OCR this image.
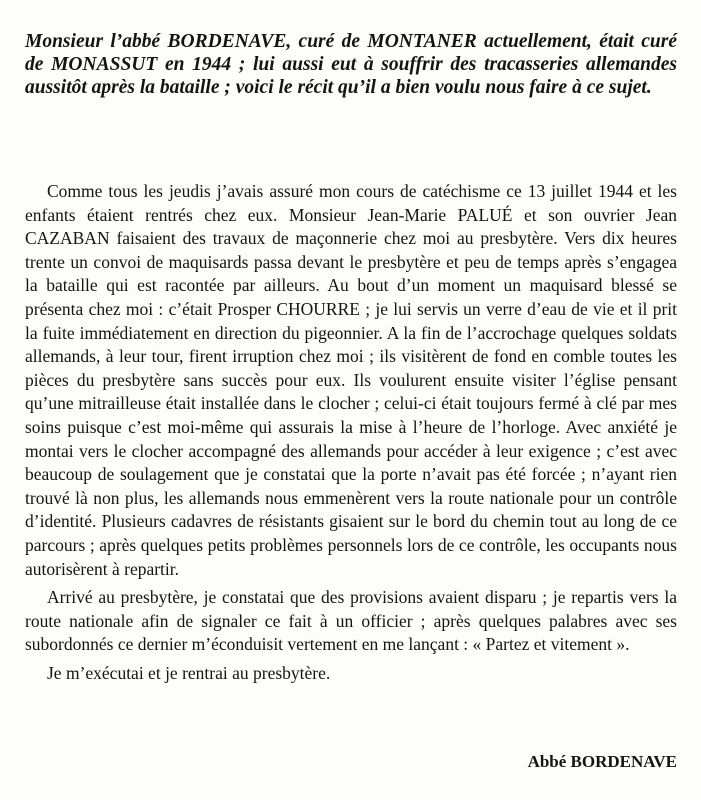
Monsieur l’abbé BORDENAVE, curé de MONTANER actuellement, était curé de MONASSUT en 1944 ; lui aussi eut à souffrir des tracasseries allemandes aussitôt après la bataille ; voici le récit qu’il a bien voulu nous faire à ce sujet.

Comme tous les jeudis j’avais assuré mon cours de catéchisme ce 13 juillet 1944 et les enfants étaient rentrés chez eux. Monsieur Jean-Marie PALUÉ et son ouvrier Jean CAZABAN faisaient des travaux de maçonnerie chez moi au presbytère. Vers dix heures trente un convoi de maquisards passa devant le presbytère et peu de temps après s’engagea la bataille qui est racontée par ailleurs. Au bout d’un moment un maquisard blessé se présenta chez moi : c’était Prosper CHOURRE ; je lui servis un verre d’eau de vie et il prit la fuite immédiatement en direction du pigeonnier. A la fin de l’accrochage quelques soldats allemands, à leur tour, firent irruption chez moi ; ils visitèrent de fond en comble toutes les pièces du presbytère sans succès pour eux. Ils voulurent ensuite visiter l’église pensant qu’une mitrailleuse était installée dans le clocher ; celui-ci était toujours fermé à clé par mes soins puisque c’est moi-même qui assurais la mise à l’heure de l’horloge. Avec anxiété je montai vers le clocher accompagné des allemands pour accéder à leur exigence ; c’est avec beaucoup de soulagement que je constatai que la porte n’avait pas été forcée ; n’ayant rien trouvé là non plus, les allemands nous emmenèrent vers la route nationale pour un contrôle d’identité. Plusieurs cadavres de résistants gisaient sur le bord du chemin tout au long de ce parcours ; après quelques petits problèmes personnels lors de ce contrôle, les occupants nous autorisèrent à repartir.

Arrivé au presbytère, je constatai que des provisions avaient disparu ; je repartis vers la route nationale afin de signaler ce fait à un officier ; après quelques palabres avec ses subordonnés ce dernier m’éconduisit vertement en me lançant : « Partez et vitement ».

Je m’exécutai et je rentrai au presbytère.

Abbé BORDENAVE
